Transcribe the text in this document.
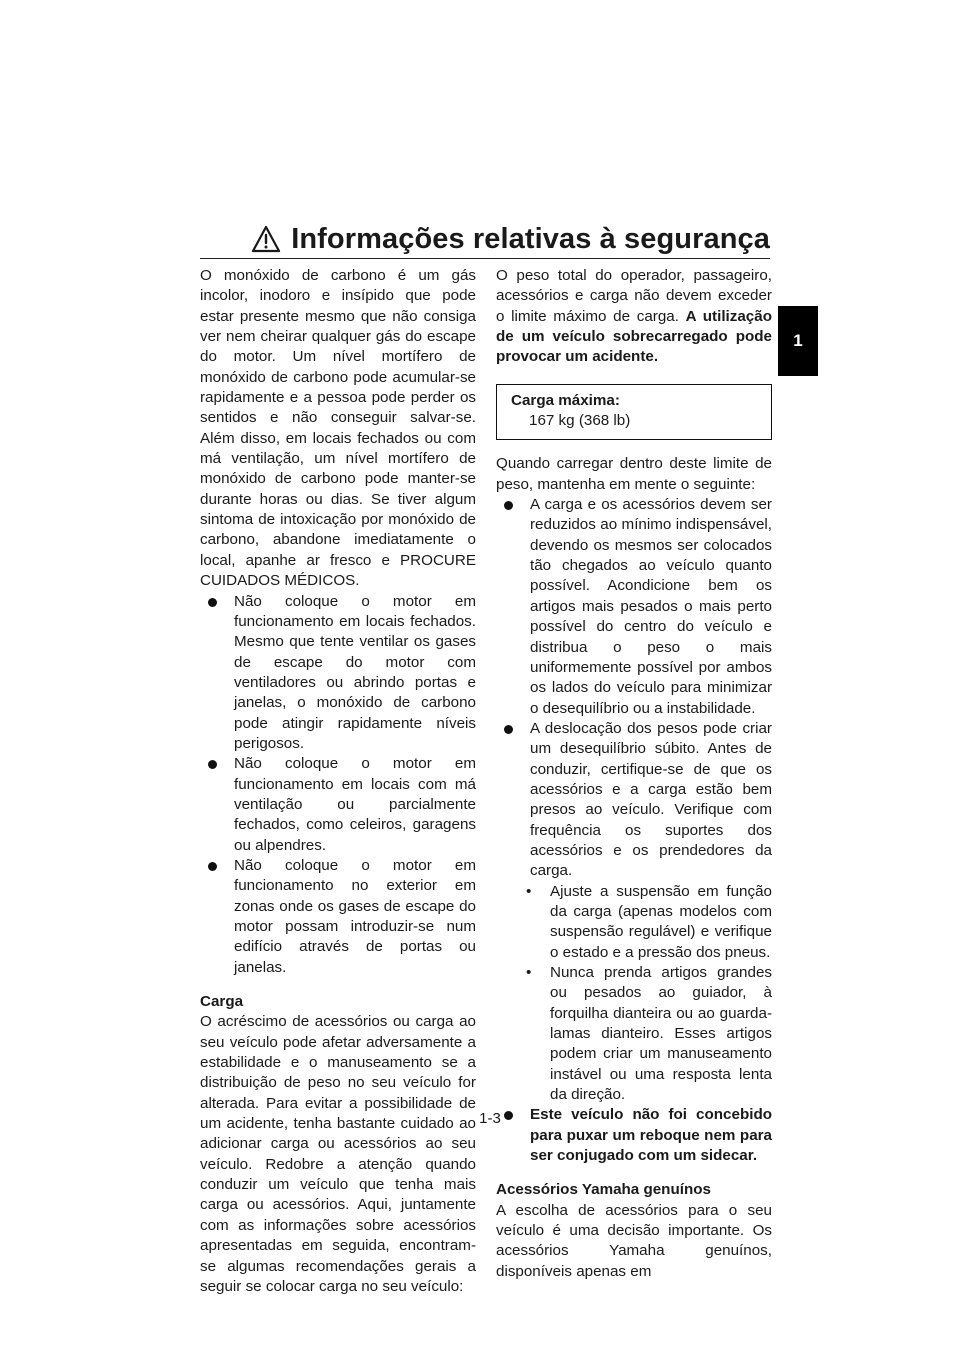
Informações relativas à segurança
1

O monóxido de carbono é um gás incolor, inodoro e insípido que pode estar presente mesmo que não consiga ver nem cheirar qualquer gás do escape do motor. Um nível mortífero de monóxido de carbono pode acumular-se rapidamente e a pessoa pode perder os sentidos e não conseguir salvar-se. Além disso, em locais fechados ou com má ventilação, um nível mortífero de monóxido de carbono pode manter-se durante horas ou dias. Se tiver algum sintoma de intoxicação por monóxido de carbono, abandone imediatamente o local, apanhe ar fresco e PROCURE CUIDADOS MÉDICOS.

Não coloque o motor em funcionamento em locais fechados. Mesmo que tente ventilar os gases de escape do motor com ventiladores ou abrindo portas e janelas, o monóxido de carbono pode atingir rapidamente níveis perigosos.
Não coloque o motor em funcionamento em locais com má ventilação ou parcialmente fechados, como celeiros, garagens ou alpendres.
Não coloque o motor em funcionamento no exterior em zonas onde os gases de escape do motor possam introduzir-se num edifício através de portas ou janelas.
Carga

O acréscimo de acessórios ou carga ao seu veículo pode afetar adversamente a estabilidade e o manuseamento se a distribuição de peso no seu veículo for alterada. Para evitar a possibilidade de um acidente, tenha bastante cuidado ao adicionar carga ou acessórios ao seu veículo. Redobre a atenção quando conduzir um veículo que tenha mais carga ou acessórios. Aqui, juntamente com as informações sobre acessórios apresentadas em seguida, encontram-se algumas recomendações gerais a seguir se colocar carga no seu veículo:

O peso total do operador, passageiro, acessórios e carga não devem exceder o limite máximo de carga. A utilização de um veículo sobrecarregado pode provocar um acidente.

Carga máxima:
167 kg (368 lb)

Quando carregar dentro deste limite de peso, mantenha em mente o seguinte:

A carga e os acessórios devem ser reduzidos ao mínimo indispensável, devendo os mesmos ser colocados tão chegados ao veículo quanto possível. Acondicione bem os artigos mais pesados o mais perto possível do centro do veículo e distribua o peso o mais uniformemente possível por ambos os lados do veículo para minimizar o desequilíbrio ou a instabilidade.
A deslocação dos pesos pode criar um desequilíbrio súbito. Antes de conduzir, certifique-se de que os acessórios e a carga estão bem presos ao veículo. Verifique com frequência os suportes dos acessórios e os prendedores da carga.
• Ajuste a suspensão em função da carga (apenas modelos com suspensão regulável) e verifique o estado e a pressão dos pneus.
• Nunca prenda artigos grandes ou pesados ao guiador, à forquilha dianteira ou ao guarda-lamas dianteiro. Esses artigos podem criar um manuseamento instável ou uma resposta lenta da direção.
Este veículo não foi concebido para puxar um reboque nem para ser conjugado com um sidecar.
Acessórios Yamaha genuínos

A escolha de acessórios para o seu veículo é uma decisão importante. Os acessórios Yamaha genuínos, disponíveis apenas em

1-3
